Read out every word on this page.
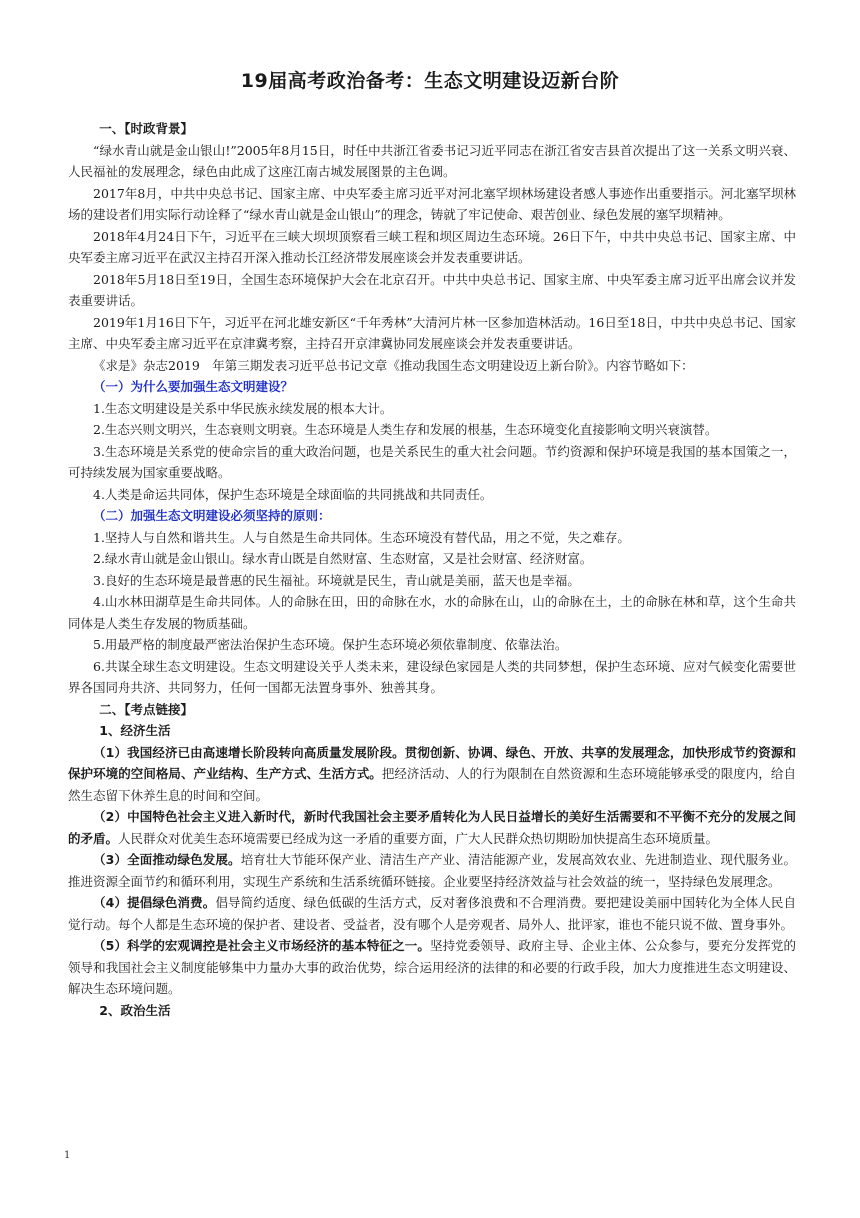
19届高考政治备考：生态文明建设迈新台阶

一、【时政背景】

“绿水青山就是金山银山!”2005年8月15日，时任中共浙江省委书记习近平同志在浙江省安吉县首次提出了这一关系文明兴衰、人民福祉的发展理念，绿色由此成了这座江南古城发展图景的主色调。

2017年8月，中共中央总书记、国家主席、中央军委主席习近平对河北塞罕坝林场建设者感人事迹作出重要指示。河北塞罕坝林场的建设者们用实际行动诠释了“绿水青山就是金山银山”的理念，铸就了牢记使命、艰苦创业、绿色发展的塞罕坝精神。

2018年4月24日下午，习近平在三峡大坝坝顶察看三峡工程和坝区周边生态环境。26日下午，中共中央总书记、国家主席、中央军委主席习近平在武汉主持召开深入推动长江经济带发展座谈会并发表重要讲话。

2018年5月18日至19日，全国生态环境保护大会在北京召开。中共中央总书记、国家主席、中央军委主席习近平出席会议并发表重要讲话。

2019年1月16日下午，习近平在河北雄安新区“千年秀林”大清河片林一区参加造林活动。16日至18日，中共中央总书记、国家主席、中央军委主席习近平在京津冀考察，主持召开京津冀协同发展座谈会并发表重要讲话。

《求是》杂志2019　年第三期发表习近平总书记文章《推动我国生态文明建设迈上新台阶》。内容节略如下：

（一）为什么要加强生态文明建设？

1.生态文明建设是关系中华民族永续发展的根本大计。

2.生态兴则文明兴，生态衰则文明衰。生态环境是人类生存和发展的根基，生态环境变化直接影响文明兴衰演替。

3.生态环境是关系党的使命宗旨的重大政治问题，也是关系民生的重大社会问题。节约资源和保护环境是我国的基本国策之一，可持续发展为国家重要战略。

4.人类是命运共同体，保护生态环境是全球面临的共同挑战和共同责任。

（二）加强生态文明建设必须坚持的原则：

1.坚持人与自然和谐共生。人与自然是生命共同体。生态环境没有替代品，用之不觉，失之难存。

2.绿水青山就是金山银山。绿水青山既是自然财富、生态财富，又是社会财富、经济财富。

3.良好的生态环境是最普惠的民生福祉。环境就是民生，青山就是美丽，蓝天也是幸福。

4.山水林田湖草是生命共同体。人的命脉在田，田的命脉在水，水的命脉在山，山的命脉在土，土的命脉在林和草，这个生命共同体是人类生存发展的物质基础。

5.用最严格的制度最严密法治保护生态环境。保护生态环境必须依靠制度、依靠法治。

6.共谋全球生态文明建设。生态文明建设关乎人类未来，建设绿色家园是人类的共同梦想，保护生态环境、应对气候变化需要世界各国同舟共济、共同努力，任何一国都无法置身事外、独善其身。

二、【考点链接】

1、经济生活

（1）我国经济已由高速增长阶段转向高质量发展阶段。贯彻创新、协调、绿色、开放、共享的发展理念，加快形成节约资源和保护环境的空间格局、产业结构、生产方式、生活方式。把经济活动、人的行为限制在自然资源和生态环境能够承受的限度内，给自然生态留下休养生息的时间和空间。

（2）中国特色社会主义进入新时代，新时代我国社会主要矛盾转化为人民日益增长的美好生活需要和不平衡不充分的发展之间的矛盾。人民群众对优美生态环境需要已经成为这一矛盾的重要方面，广大人民群众热切期盼加快提高生态环境质量。

（3）全面推动绿色发展。培育壮大节能环保产业、清洁生产产业、清洁能源产业，发展高效农业、先进制造业、现代服务业。推进资源全面节约和循环利用，实现生产系统和生活系统循环链接。企业要坚持经济效益与社会效益的统一，坚持绿色发展理念。

（4）提倡绿色消费。倡导简约适度、绿色低碳的生活方式，反对奢侈浪费和不合理消费。要把建设美丽中国转化为全体人民自觉行动。每个人都是生态环境的保护者、建设者、受益者，没有哪个人是旁观者、局外人、批评家，谁也不能只说不做、置身事外。

（5）科学的宏观调控是社会主义市场经济的基本特征之一。坚持党委领导、政府主导、企业主体、公众参与，要充分发挥党的领导和我国社会主义制度能够集中力量办大事的政治优势，综合运用经济的法律的和必要的行政手段，加大力度推进生态文明建设、解决生态环境问题。

2、政治生活

1
